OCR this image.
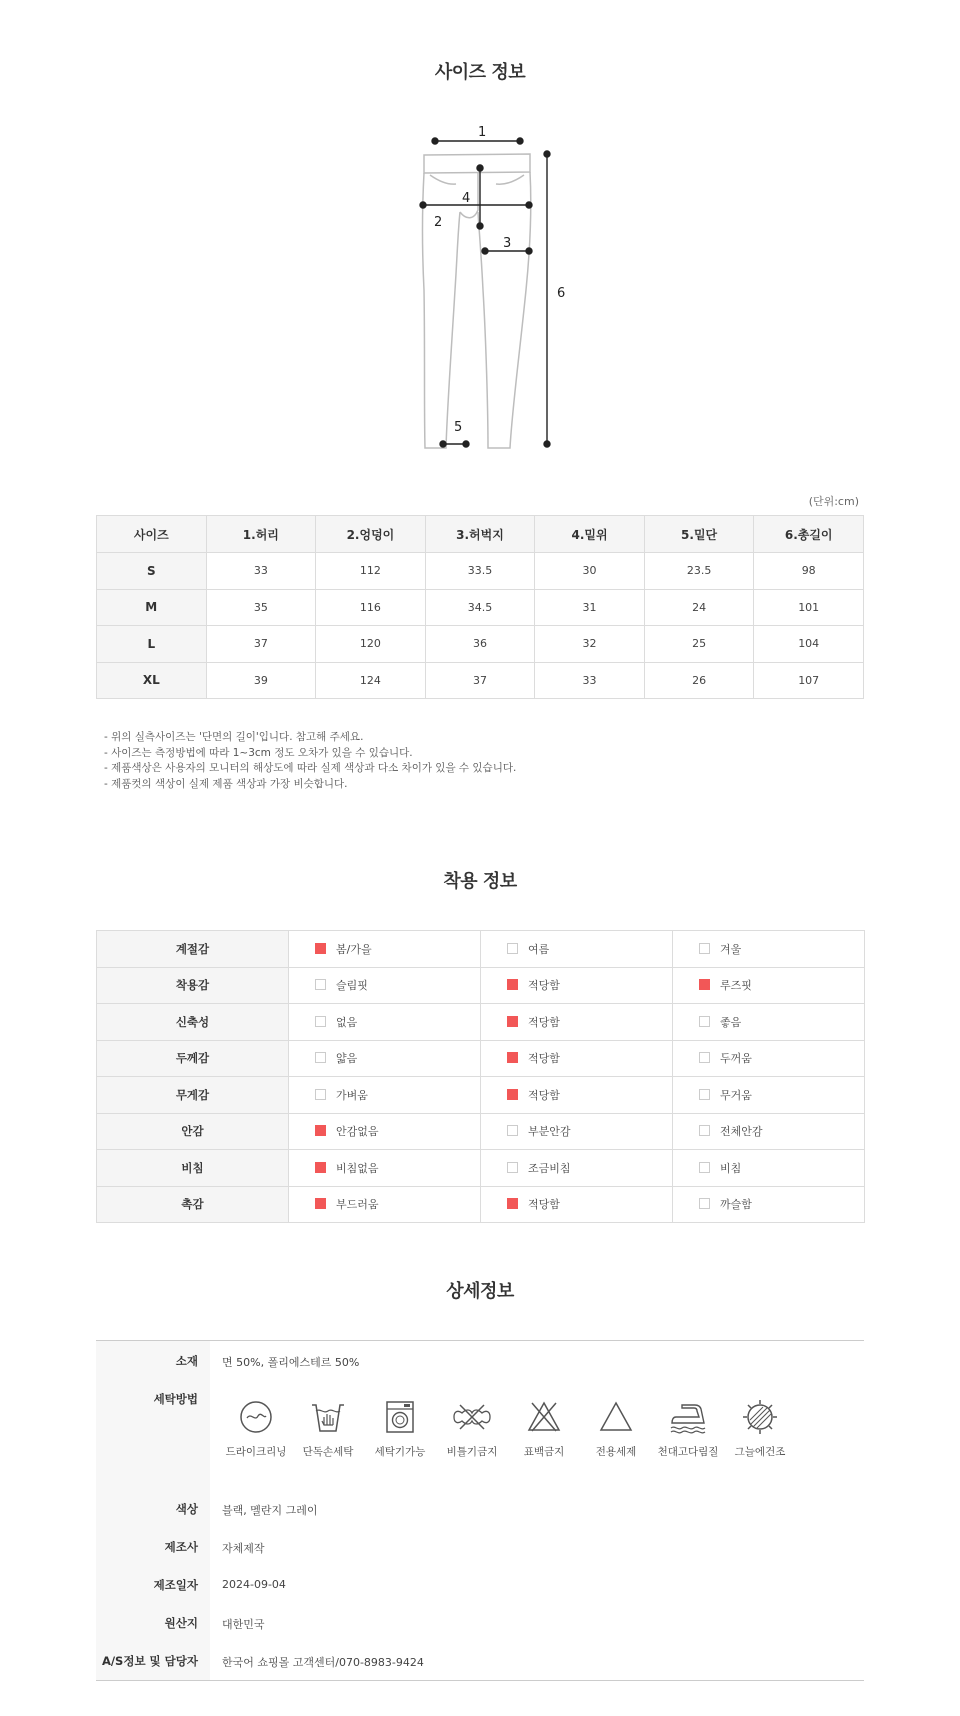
사이즈 정보
1
2
3
4
5
6
(단위:cm)
사이즈	1.허리	2.엉덩이	3.허벅지	4.밑위	5.밑단	6.총길이
S	33	112	33.5	30	23.5	98
M	35	116	34.5	31	24	101
L	37	120	36	32	25	104
XL	39	124	37	33	26	107
- 위의 실측사이즈는 '단면의 길이'입니다. 참고해 주세요.
- 사이즈는 측정방법에 따라 1~3cm 정도 오차가 있을 수 있습니다.
- 제품색상은 사용자의 모니터의 해상도에 따라 실제 색상과 다소 차이가 있을 수 있습니다.
- 제품컷의 색상이 실제 제품 색상과 가장 비슷합니다.
착용 정보
계절감	봄/가을	여름	겨울
착용감	슬림핏	적당함	루즈핏
신축성	없음	적당함	좋음
두께감	얇음	적당함	두꺼움
무게감	가벼움	적당함	무거움
안감	안감없음	부분안감	전체안감
비침	비침없음	조금비침	비침
촉감	부드러움	적당함	까슬함
상세정보
소재 면 50%, 폴리에스테르 50%
세탁방법
드라이크리닝	단독손세탁	세탁기가능	비틀기금지	표백금지	전용세제	천대고다림질	그늘에건조
색상 블랙, 멜란지 그레이
제조사 자체제작
제조일자 2024-09-04
원산지 대한민국
A/S정보 및 담당자 한국어 쇼핑몰 고객센터/070-8983-9424
